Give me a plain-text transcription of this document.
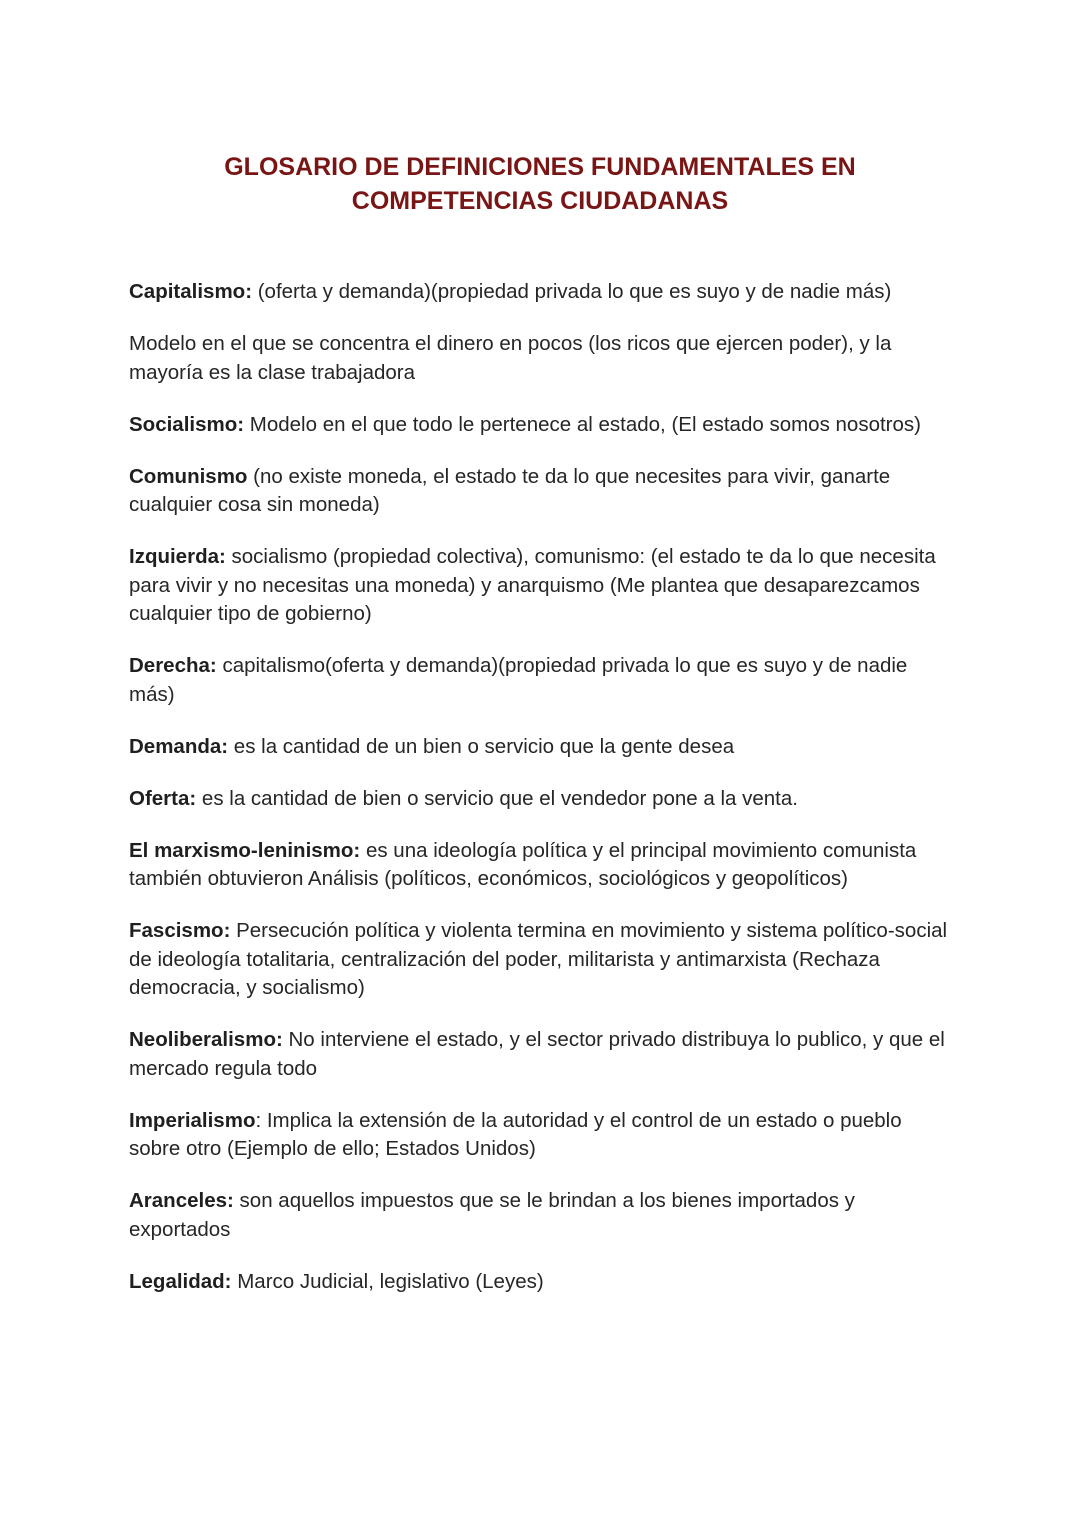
GLOSARIO DE DEFINICIONES FUNDAMENTALES EN
COMPETENCIAS CIUDADANAS

Capitalismo: (oferta y demanda)(propiedad privada lo que es suyo y de nadie más)

Modelo en el que se concentra el dinero en pocos (los ricos que ejercen poder), y la mayoría es la clase trabajadora

Socialismo: Modelo en el que todo le pertenece al estado, (El estado somos nosotros)

Comunismo (no existe moneda, el estado te da lo que necesites para vivir, ganarte cualquier cosa sin moneda)

Izquierda: socialismo (propiedad colectiva), comunismo: (el estado te da lo que necesita para vivir y no necesitas una moneda) y anarquismo (Me plantea que desaparezcamos cualquier tipo de gobierno)

Derecha: capitalismo(oferta y demanda)(propiedad privada lo que es suyo y de nadie más)

Demanda: es la cantidad de un bien o servicio que la gente desea

Oferta: es la cantidad de bien o servicio que el vendedor pone a la venta.

El marxismo-leninismo: es una ideología política y el principal movimiento comunista también obtuvieron Análisis (políticos, económicos, sociológicos y geopolíticos)

Fascismo: Persecución política y violenta termina en movimiento y sistema político-social de ideología totalitaria, centralización del poder, militarista y antimarxista (Rechaza democracia, y socialismo)

Neoliberalismo: No interviene el estado, y el sector privado distribuya lo publico, y que el mercado regula todo

Imperialismo: Implica la extensión de la autoridad y el control de un estado o pueblo sobre otro (Ejemplo de ello; Estados Unidos)

Aranceles: son aquellos impuestos que se le brindan a los bienes importados y exportados

Legalidad: Marco Judicial, legislativo (Leyes)
